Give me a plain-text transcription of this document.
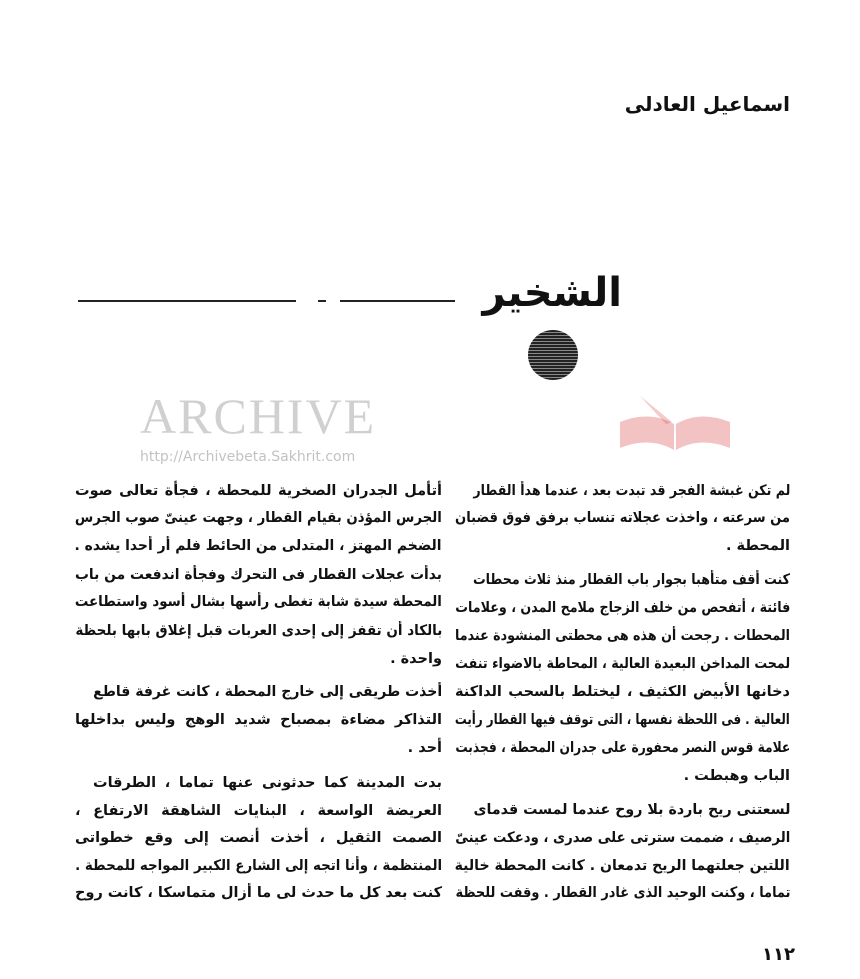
ARCHIVE
http://Archivebeta.Sakhrit.com
اسماعيل العادلى
الشخير
لم تكن غبشة الفجر قد تبدت بعد ، عندما هدأ القطار
من سرعته ، واخذت عجلاته تنساب برفق فوق قضبان
المحطة .
كنت أقف متأهبا بجوار باب القطار منذ ثلاث محطات
فائتة ، أتفحص من خلف الزجاج ملامح المدن ، وعلامات
المحطات . رجحت أن هذه هى محطتى المنشودة عندما
لمحت المداخن البعيدة العالية ، المحاطة بالاضواء تنفث
دخانها الأبيض الكثيف ، ليختلط بالسحب الداكنة
العالية . فى اللحظة نفسها ، التى توقف فيها القطار رأيت
علامة قوس النصر محفورة على جدران المحطة ، فجذبت
الباب وهبطت .
لسعتنى ريح باردة بلا روح عندما لمست قدماى
الرصيف ، ضممت سترتى على صدرى ، ودعكت عينىّ
اللتين جعلتهما الريح تدمعان . كانت المحطة خالية
تماما ، وكنت الوحيد الذى غادر القطار . وقفت للحظة
أتأمل الجدران الصخرية للمحطة ، فجأة تعالى صوت
الجرس المؤذن بقيام القطار ، وجهت عينىّ صوب الجرس
الضخم المهتز ، المتدلى من الحائط فلم أر أحدا يشده .
بدأت عجلات القطار فى التحرك وفجأة اندفعت من باب
المحطة سيدة شابة تغطى رأسها بشال أسود واستطاعت
بالكاد أن تقفز إلى إحدى العربات قبل إغلاق بابها بلحظة
واحدة .
أخذت طريقى إلى خارج المحطة ، كانت غرفة قاطع
التذاكر مضاءة بمصباح شديد الوهج وليس بداخلها
أحد .
بدت المدينة كما حدثونى عنها تماما ، الطرقات
العريضة الواسعة ، البنايات الشاهقة الارتفاع ،
الصمت الثقيل ، أخذت أنصت إلى وقع خطواتى
المنتظمة ، وأنا اتجه إلى الشارع الكبير المواجه للمحطة .
كنت بعد كل ما حدث لى ما أزال متماسكا ، كانت روح
١١٢
